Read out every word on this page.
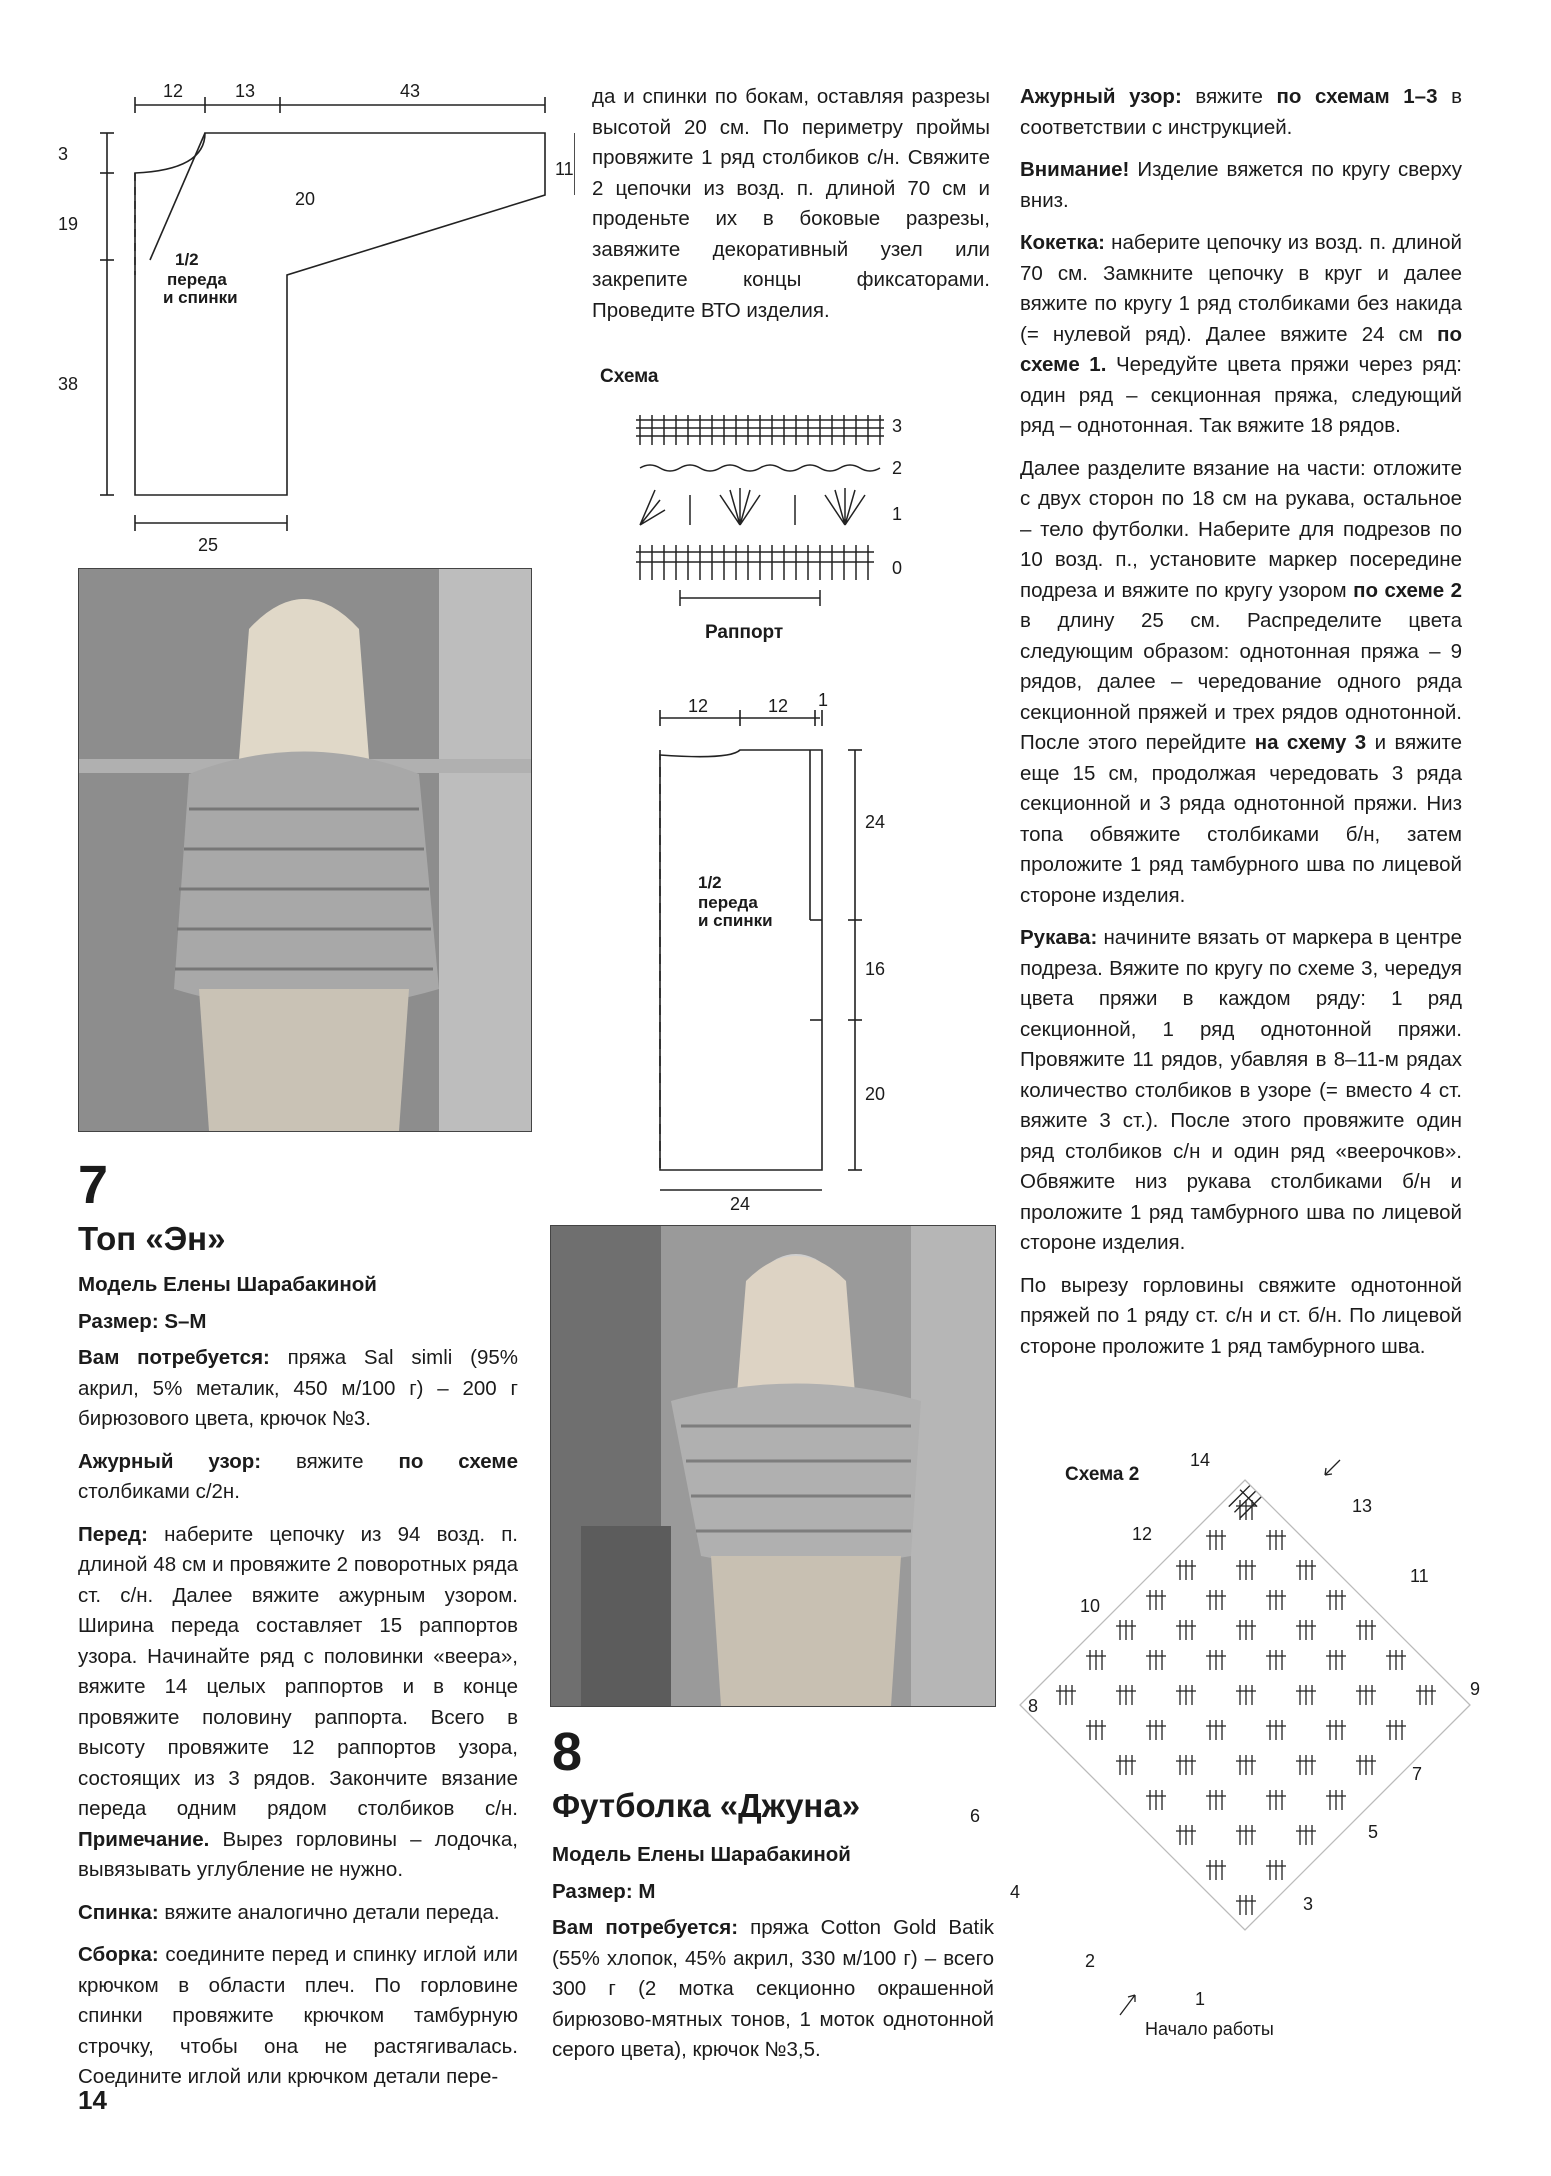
12	13	43
3
19
38
11
20
25
1/2
переда
и спинки
7
Топ «Эн»

Модель Елены Шарабакиной

Размер: S–M

Вам потребуется: пряжа Sal simli (95% акрил, 5% металик, 450 м/100 г) – 200 г бирюзового цвета, крючок №3.

Ажурный узор: вяжите по схеме столбиками с/2н.

Перед: наберите цепочку из 94 возд. п. длиной 48 см и провяжите 2 поворотных ряда ст. с/н. Далее вяжите ажурным узором. Ширина переда составляет 15 раппортов узора. Начинайте ряд с половинки «веера», вяжите 14 целых раппортов и в конце провяжите половину раппорта. Всего в высоту провяжите 12 раппортов узора, состоящих из 3 рядов. Закончите вязание переда одним рядом столбиков с/н. Примечание. Вырез горловины – лодочка, вывязывать углубление не нужно.

Спинка: вяжите аналогично детали переда.

Сборка: соедините перед и спинку иглой или крючком в области плеч. По горловине спинки провяжите крючком тамбурную строчку, чтобы она не растягивалась. Соедините иглой или крючком детали пере-

14

да и спинки по бокам, оставляя разрезы высотой 20 см. По периметру проймы провяжите 1 ряд столбиков с/н. Свяжите 2 цепочки из возд. п. длиной 70 см и проденьте их в боковые разрезы, завяжите декоративный узел или закрепите концы фиксаторами. Проведите ВТО изделия.

Схема
3
2
1
0
Раппорт
12	12 1
24
16
20
24
1/2
переда
и спинки
8
Футболка «Джуна»

Модель Елены Шарабакиной

Размер: M

Вам потребуется: пряжа Cotton Gold Batik (55% хлопок, 45% акрил, 330 м/100 г) – всего 300 г (2 мотка секционно окрашенной бирюзово-мятных тонов, 1 моток однотонной серого цвета), крючок №3,5.

Ажурный узор: вяжите по схемам 1–3 в соответствии с инструкцией.

Внимание! Изделие вяжется по кругу сверху вниз.

Кокетка: наберите цепочку из возд. п. длиной 70 см. Замкните цепочку в круг и далее вяжите по кругу 1 ряд столбиками без накида (= нулевой ряд). Далее вяжите 24 см по схеме 1. Чередуйте цвета пряжи через ряд: один ряд – секционная пряжа, следующий ряд – однотонная. Так вяжите 18 рядов.

Далее разделите вязание на части: отложите с двух сторон по 18 см на рукава, остальное – тело футболки. Наберите для подрезов по 10 возд. п., установите маркер посередине подреза и вяжите по кругу узором по схеме 2 в длину 25 см. Распределите цвета следующим образом: однотонная пряжа – 9 рядов, далее – чередование одного ряда секционной пряжей и трех рядов однотонной. После этого перейдите на схему 3 и вяжите еще 15 см, продолжая чередовать 3 ряда секционной и 3 ряда однотонной пряжи. Низ топа обвяжите столбиками б/н, затем проложите 1 ряд тамбурного шва по лицевой стороне изделия.

Рукава: начините вязать от маркера в центре подреза. Вяжите по кругу по схеме 3, чередуя цвета пряжи в каждом ряду: 1 ряд секционной, 1 ряд однотонной пряжи. Провяжите 11 рядов, убавляя в 8–11-м рядах количество столбиков в узоре (= вместо 4 ст. вяжите 3 ст.). После этого провяжите один ряд столбиков с/н и один ряд «веерочков». Обвяжите низ рукава столбиками б/н и проложите 1 ряд тамбурного шва по лицевой стороне изделия.

По вырезу горловины свяжите однотонной пряжей по 1 ряду ст. с/н и ст. б/н. По лицевой стороне проложите 1 ряд тамбурного шва.

Схема 2
14
13
12
11
10
9
8
7
6
5
4
3
2
1
Начало работы
